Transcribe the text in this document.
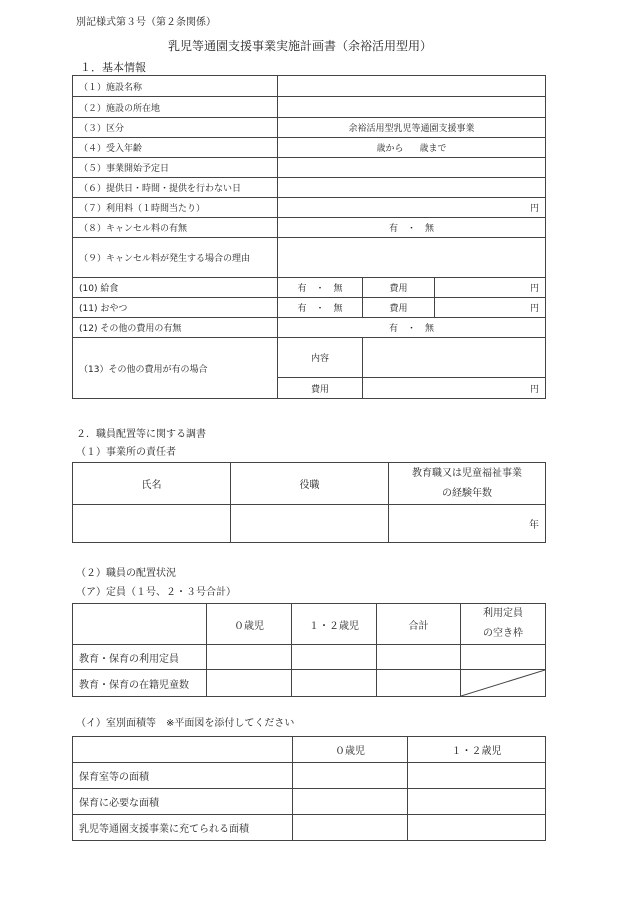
別記様式第３号（第２条関係）
乳児等通園支援事業実施計画書（余裕活用型用）
１．基本情報
（１）施設名称			
（２）施設の所在地			
（３）区分	余裕活用型乳児等通園支援事業		
（４）受入年齢	歳から 歳まで		
（５）事業開始予定日			
（６）提供日・時間・提供を行わない日			
（７）利用料（１時間当たり）	円		
（８）キャンセル料の有無	有　・　無		
（９）キャンセル料が発生する場合の理由			
(10) 給食	有　・　無	費用	円
(11) おやつ	有　・　無	費用	円
(12) その他の費用の有無	有　・　無		
（13）その他の費用が有の場合	内容		
	費用	円	
２．職員配置等に関する調書
（１）事業所の責任者
氏名	役職	教育職又は児童福祉事業
の経験年数
		年
（２）職員の配置状況
（ア）定員（１号、２・３号合計）
	０歳児	１・２歳児	合計	利用定員
の空き枠
教育・保育の利用定員				
教育・保育の在籍児童数				
（イ）室別面積等　※平面図を添付してください
	０歳児	１・２歳児
保育室等の面積		
保育に必要な面積		
乳児等通園支援事業に充てられる面積		
